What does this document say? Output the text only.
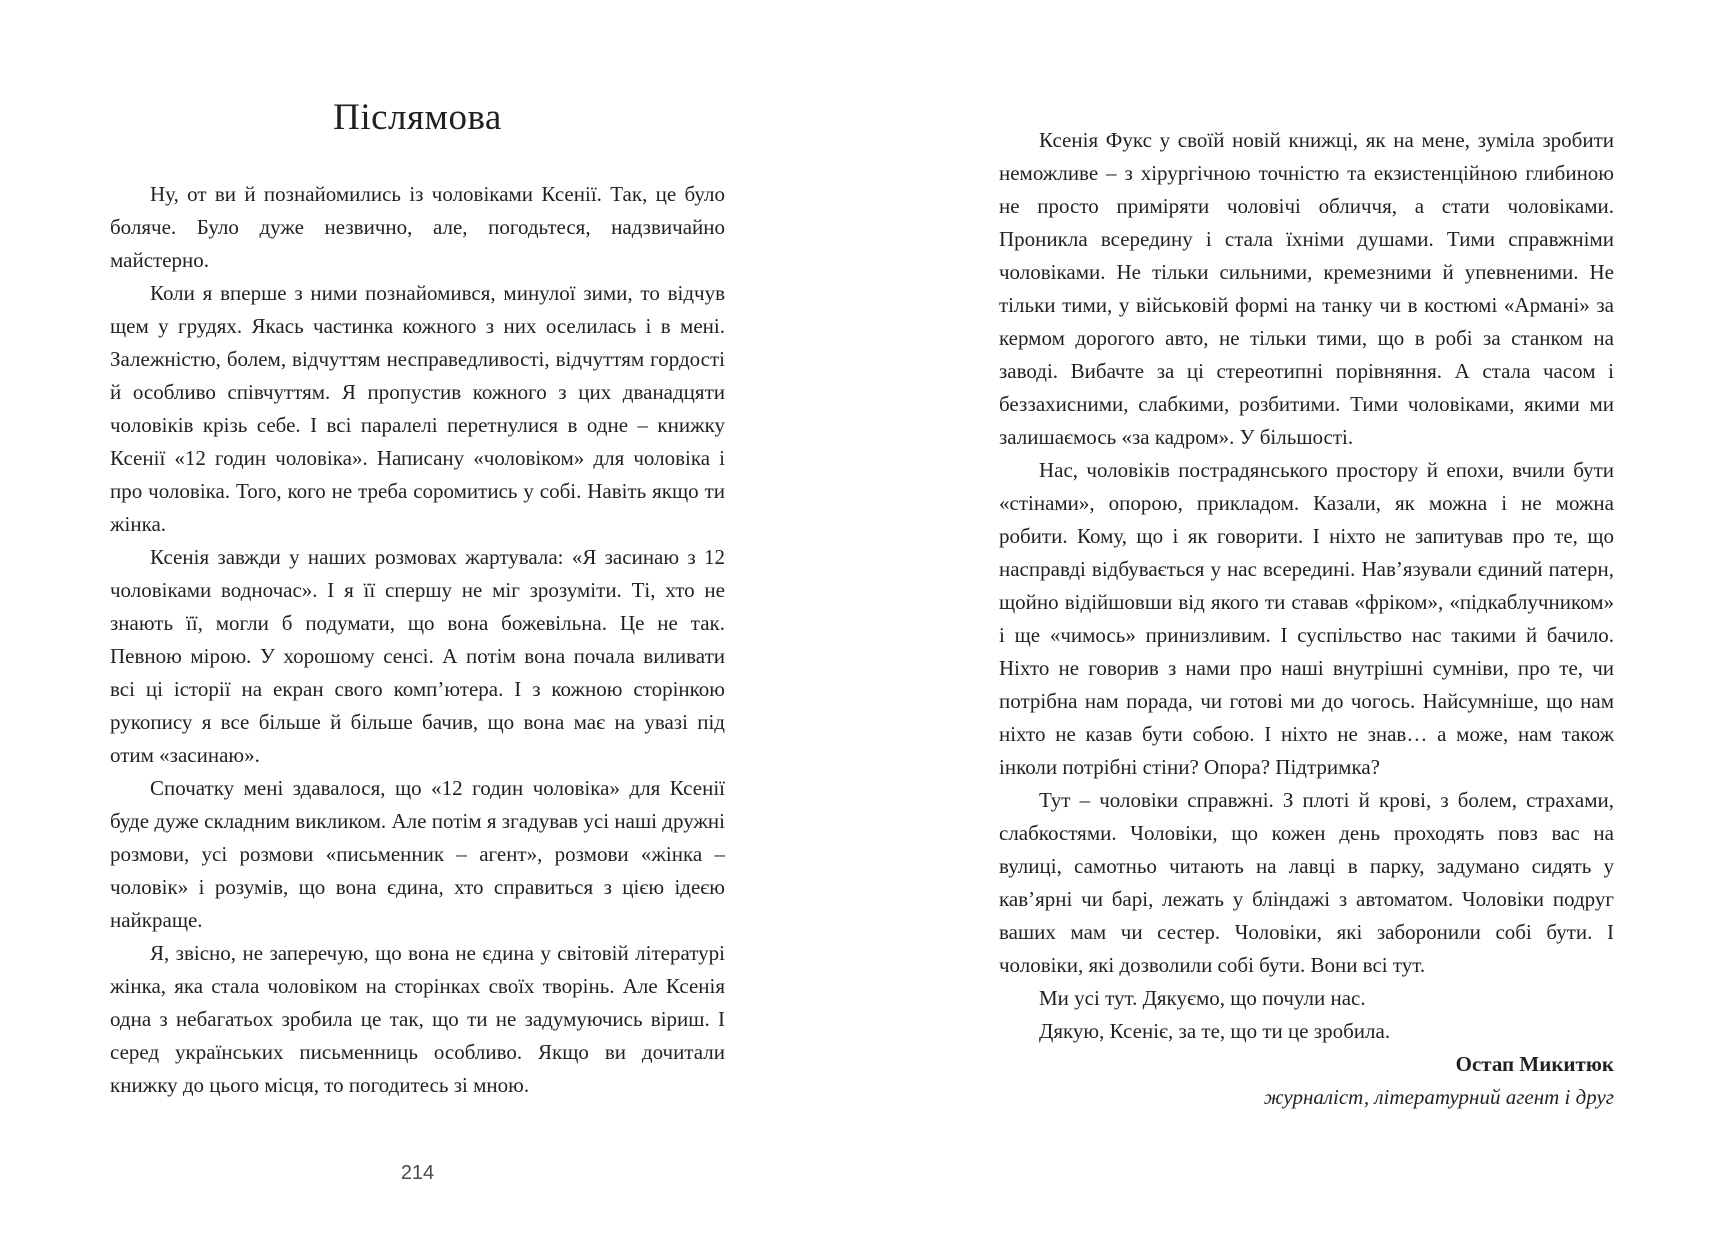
Післямова

Ну, от ви й познайомились із чоловіками Ксенії. Так, це було боляче. Було дуже незвично, але, погодьтеся, надзвичайно майстерно.

Коли я вперше з ними познайомився, минулої зими, то відчув щем у грудях. Якась частинка кожного з них оселилась і в мені. Залежністю, болем, відчуттям несправедливості, відчуттям гордості й особливо співчуттям. Я пропустив кожного з цих дванадцяти чоловіків крізь себе. І всі паралелі перетнулися в одне – книжку Ксенії «12 годин чоловіка». Написану «чоловіком» для чоловіка і про чоловіка. Того, кого не треба соромитись у собі. Навіть якщо ти жінка.

Ксенія завжди у наших розмовах жартувала: «Я засинаю з 12 чоловіками водночас». І я її спершу не міг зрозуміти. Ті, хто не знають її, могли б подумати, що вона божевільна. Це не так. Певною мірою. У хорошому сенсі. А потім вона почала виливати всі ці історії на екран свого комп’ютера. І з кожною сторінкою рукопису я все більше й більше бачив, що вона має на увазі під отим «засинаю».

Спочатку мені здавалося, що «12 годин чоловіка» для Ксенії буде дуже складним викликом. Але потім я згадував усі наші дружні розмови, усі розмови «письменник – агент», розмови «жінка – чоловік» і розумів, що вона єдина, хто справиться з цією ідеєю найкраще.

Я, звісно, не заперечую, що вона не єдина у світовій літературі жінка, яка стала чоловіком на сторінках своїх творінь. Але Ксенія одна з небагатьох зробила це так, що ти не задумуючись віриш. І серед українських письменниць особливо. Якщо ви дочитали книжку до цього місця, то погодитесь зі мною.

214

Ксенія Фукс у своїй новій книжці, як на мене, зуміла зробити неможливе – з хірургічною точністю та екзистенційною глибиною не просто приміряти чоловічі обличчя, а стати чоловіками. Проникла всередину і стала їхніми душами. Тими справжніми чоловіками. Не тільки сильними, кремезними й упевненими. Не тільки тими, у військовій формі на танку чи в костюмі «Армані» за кермом дорогого авто, не тільки тими, що в робі за станком на заводі. Вибачте за ці стереотипні порівняння. А стала часом і беззахисними, слабкими, розбитими. Тими чоловіками, якими ми залишаємось «за кадром». У більшості.

Нас, чоловіків пострадянського простору й епохи, вчили бути «стінами», опорою, прикладом. Казали, як можна і не можна робити. Кому, що і як говорити. І ніхто не запитував про те, що насправді відбувається у нас всередині. Нав’язували єдиний патерн, щойно відійшовши від якого ти ставав «фріком», «підкаблучником» і ще «чимось» принизливим. І суспільство нас такими й бачило. Ніхто не говорив з нами про наші внутрішні сумніви, про те, чи потрібна нам порада, чи готові ми до чогось. Найсумніше, що нам ніхто не казав бути собою. І ніхто не знав… а може, нам також інколи потрібні стіни? Опора? Підтримка?

Тут – чоловіки справжні. З плоті й крові, з болем, страхами, слабкостями. Чоловіки, що кожен день проходять повз вас на вулиці, самотньо читають на лавці в парку, задумано сидять у кав’ярні чи барі, лежать у бліндажі з автоматом. Чоловіки подруг ваших мам чи сестер. Чоловіки, які заборонили собі бути. І чоловіки, які дозволили собі бути. Вони всі тут.

Ми усі тут. Дякуємо, що почули нас.

Дякую, Ксеніє, за те, що ти це зробила.

Остап Микитюк
журналіст, літературний агент і друг
